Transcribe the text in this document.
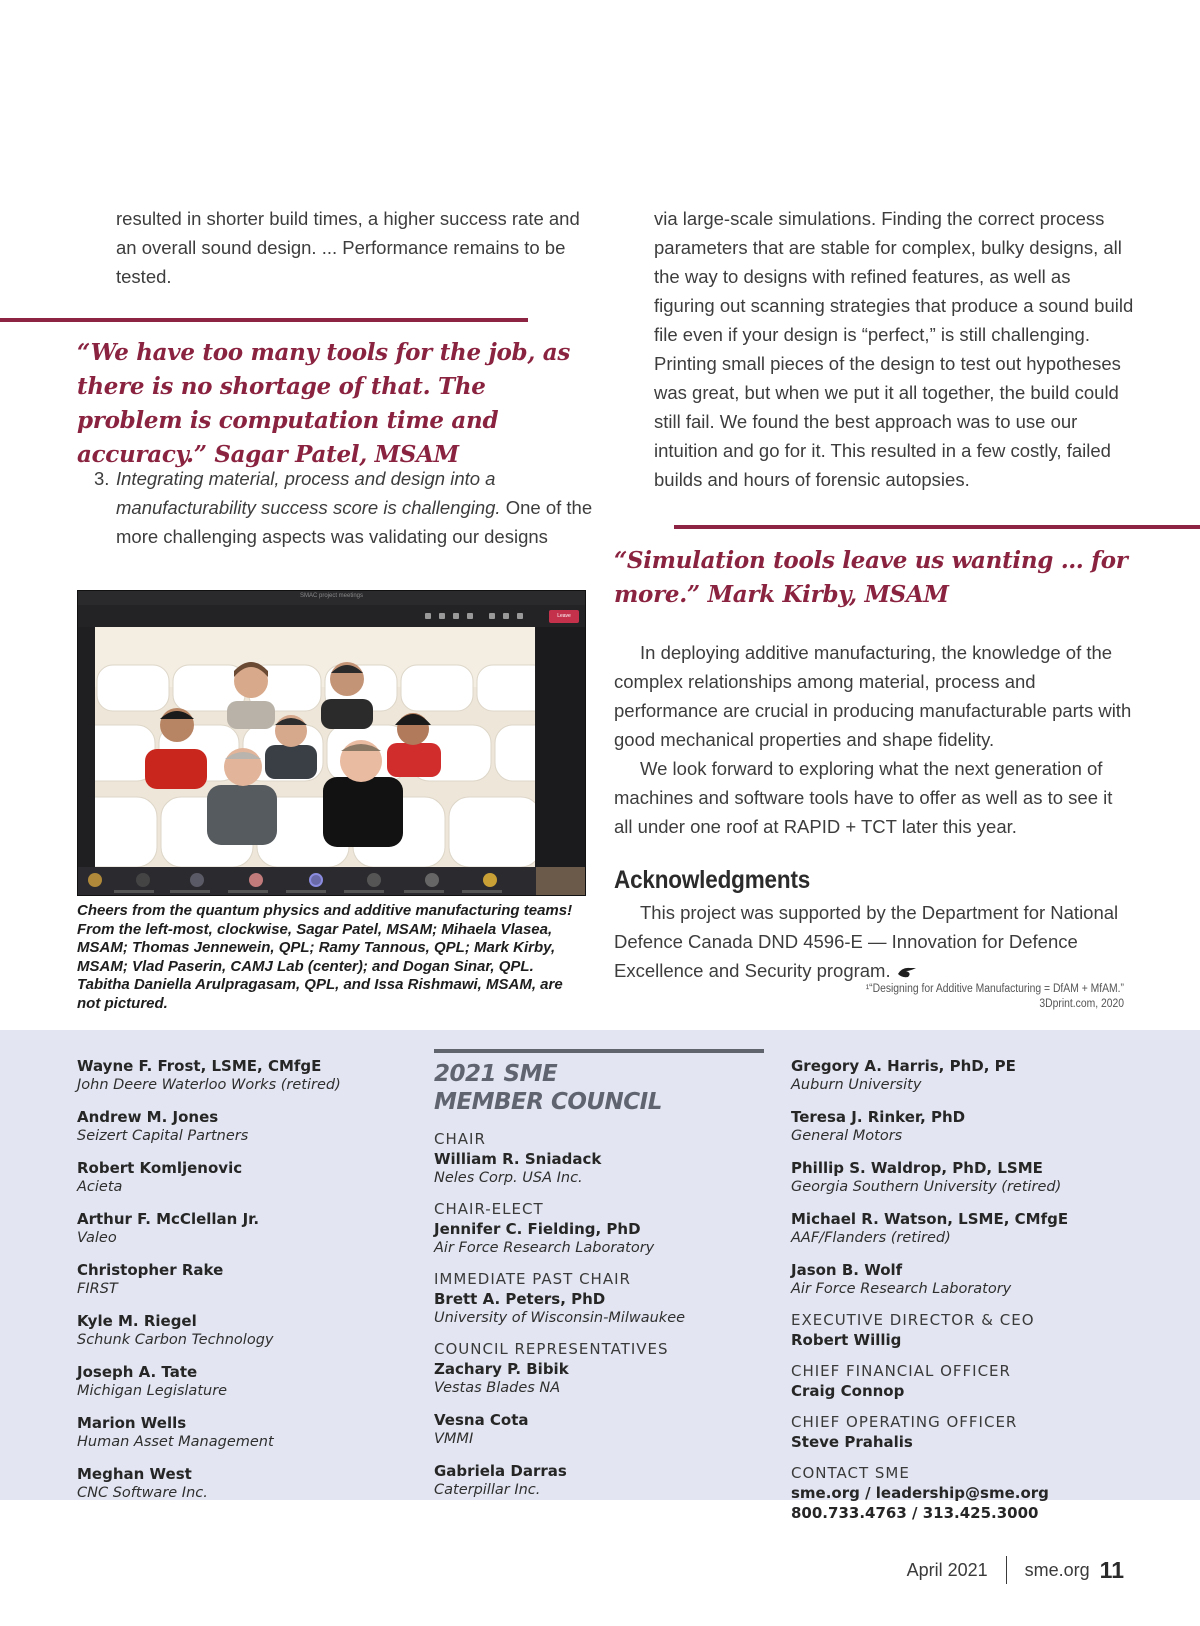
resulted in shorter build times, a higher success rate and an overall sound design. ... Performance remains to be tested.
“We have too many tools for the job, as there is no shortage of that. The problem is computation time and accuracy.” Sagar Patel, MSAM
3. Integrating material, process and design into a manufacturability success score is challenging. One of the more challenging aspects was validating our designs
SMAC project meetings
Leave
Cheers from the quantum physics and additive manufacturing teams! From the left-most, clockwise, Sagar Patel, MSAM; Mihaela Vlasea, MSAM; Thomas Jennewein, QPL; Ramy Tannous, QPL; Mark Kirby, MSAM; Vlad Paserin, CAMJ Lab (center); and Dogan Sinar, QPL. Tabitha Daniella Arulpragasam, QPL, and Issa Rishmawi, MSAM, are not pictured.
via large-scale simulations. Finding the correct process parameters that are stable for complex, bulky designs, all the way to designs with refined features, as well as figuring out scanning strategies that produce a sound build file even if your design is “perfect,” is still challenging. Printing small pieces of the design to test out hypotheses was great, but when we put it all together, the build could still fail. We found the best approach was to use our intuition and go for it. This resulted in a few costly, failed builds and hours of forensic autopsies.
“Simulation tools leave us wanting … for more.” Mark Kirby, MSAM

In deploying additive manufacturing, the knowledge of the complex relationships among material, process and performance are crucial in producing manufacturable parts with good mechanical properties and shape fidelity.

We look forward to exploring what the next generation of machines and software tools have to offer as well as to see it all under one roof at RAPID + TCT later this year.

Acknowledgments

This project was supported by the Department for National Defence Canada DND 4596-E — Innovation for Defence Excellence and Security program.

¹“Designing for Additive Manufacturing = DfAM + MfAM.”
3Dprint.com, 2020
Wayne F. Frost, LSME, CMfgE
John Deere Waterloo Works (retired)
Andrew M. Jones
Seizert Capital Partners
Robert Komljenovic
Acieta
Arthur F. McClellan Jr.
Valeo
Christopher Rake
FIRST
Kyle M. Riegel
Schunk Carbon Technology
Joseph A. Tate
Michigan Legislature
Marion Wells
Human Asset Management
Meghan West
CNC Software Inc.
2021 SME
MEMBER COUNCIL
CHAIR
William R. Sniadack
Neles Corp. USA Inc.
CHAIR-ELECT
Jennifer C. Fielding, PhD
Air Force Research Laboratory
IMMEDIATE PAST CHAIR
Brett A. Peters, PhD
University of Wisconsin-Milwaukee
COUNCIL REPRESENTATIVES
Zachary P. Bibik
Vestas Blades NA
Vesna Cota
VMMI
Gabriela Darras
Caterpillar Inc.
Gregory A. Harris, PhD, PE
Auburn University
Teresa J. Rinker, PhD
General Motors
Phillip S. Waldrop, PhD, LSME
Georgia Southern University (retired)
Michael R. Watson, LSME, CMfgE
AAF/Flanders (retired)
Jason B. Wolf
Air Force Research Laboratory
EXECUTIVE DIRECTOR & CEO
Robert Willig
CHIEF FINANCIAL OFFICER
Craig Connop
CHIEF OPERATING OFFICER
Steve Prahalis
CONTACT SME
sme.org / leadership@sme.org
800.733.4763 / 313.425.3000
April 2021 sme.org 11
